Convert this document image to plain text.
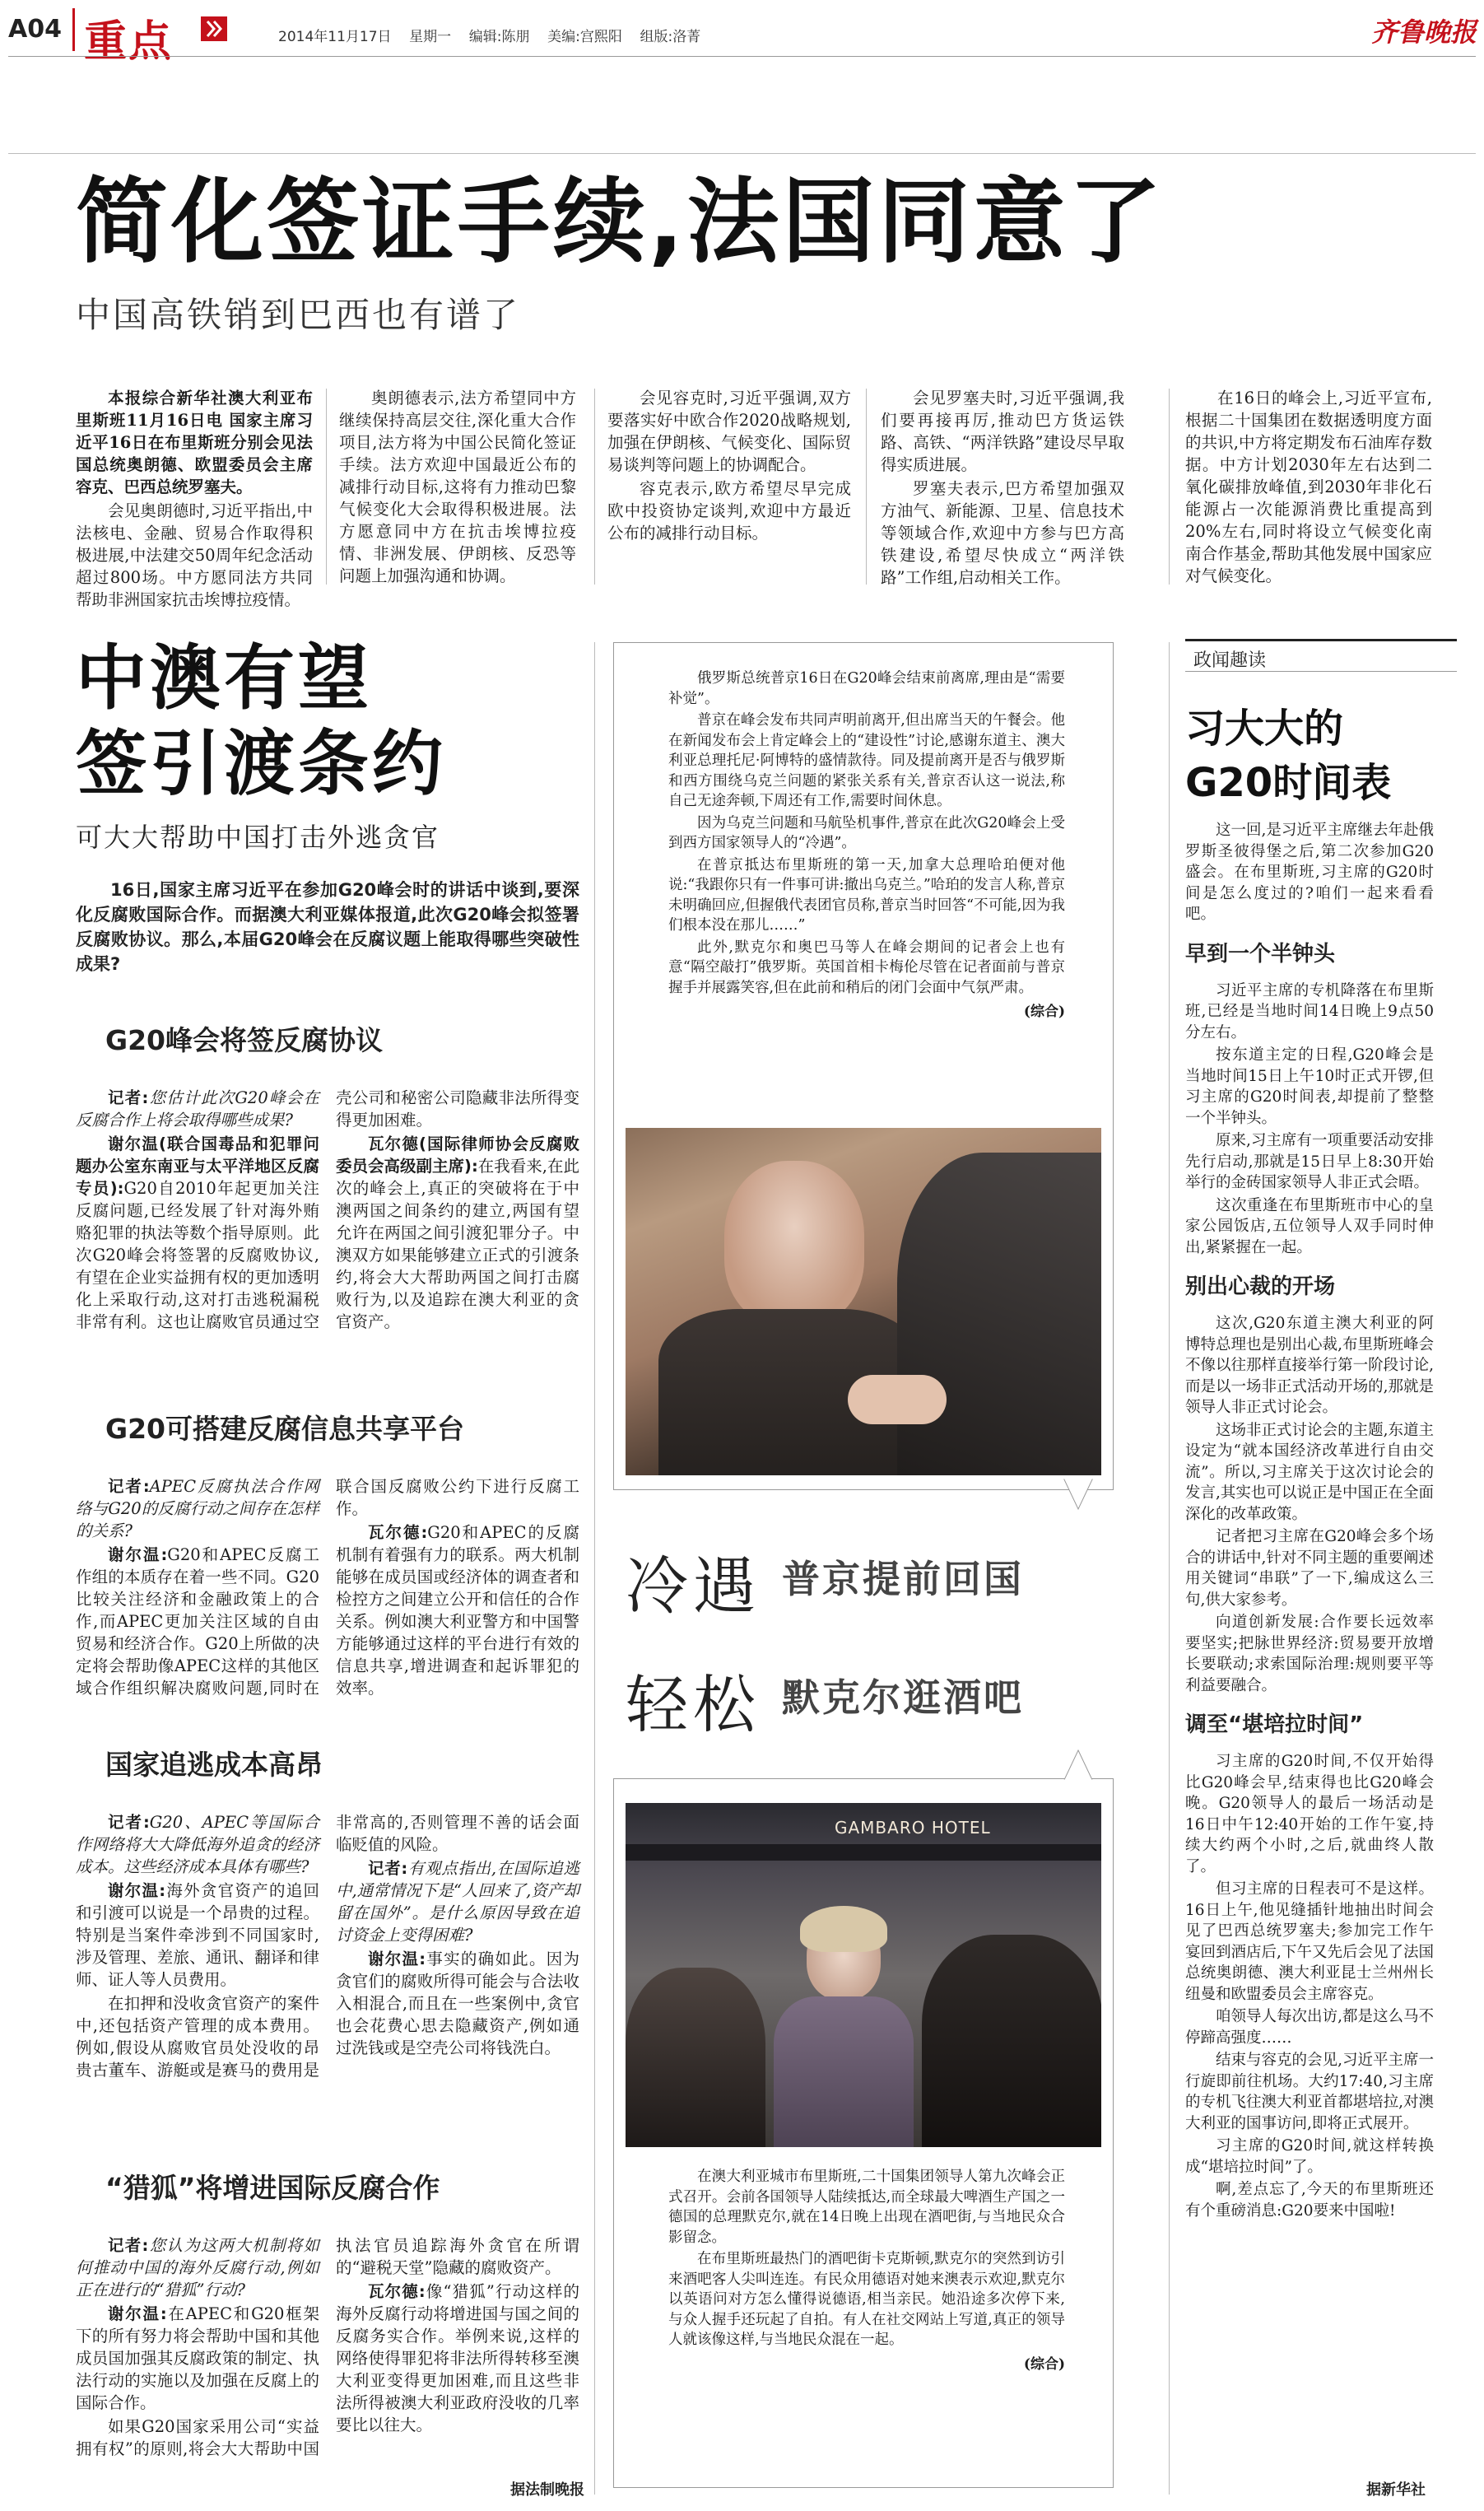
A04 重点	2014年11月17日 星期一 编辑:陈朋 美编:宫熙阳 组版:洛菁	齐鲁晚报
简化签证手续,法国同意了
中国高铁销到巴西也有谱了

本报综合新华社澳大利亚布里斯班11月16日电 国家主席习近平16日在布里斯班分别会见法国总统奥朗德、欧盟委员会主席容克、巴西总统罗塞夫。

会见奥朗德时,习近平指出,中法核电、金融、贸易合作取得积极进展,中法建交50周年纪念活动超过800场。中方愿同法方共同帮助非洲国家抗击埃博拉疫情。

奥朗德表示,法方希望同中方继续保持高层交往,深化重大合作项目,法方将为中国公民简化签证手续。法方欢迎中国最近公布的减排行动目标,这将有力推动巴黎气候变化大会取得积极进展。法方愿意同中方在抗击埃博拉疫情、非洲发展、伊朗核、反恐等问题上加强沟通和协调。

会见容克时,习近平强调,双方要落实好中欧合作2020战略规划,加强在伊朗核、气候变化、国际贸易谈判等问题上的协调配合。

容克表示,欧方希望尽早完成欧中投资协定谈判,欢迎中方最近公布的减排行动目标。

会见罗塞夫时,习近平强调,我们要再接再厉,推动巴方货运铁路、高铁、“两洋铁路”建设尽早取得实质进展。

罗塞夫表示,巴方希望加强双方油气、新能源、卫星、信息技术等领域合作,欢迎中方参与巴方高铁建设,希望尽快成立“两洋铁路”工作组,启动相关工作。

在16日的峰会上,习近平宣布,根据二十国集团在数据透明度方面的共识,中方将定期发布石油库存数据。中方计划2030年左右达到二氧化碳排放峰值,到2030年非化石能源占一次能源消费比重提高到20%左右,同时将设立气候变化南南合作基金,帮助其他发展中国家应对气候变化。

中澳有望
签引渡条约
可大大帮助中国打击外逃贪官
16日,国家主席习近平在参加G20峰会时的讲话中谈到,要深化反腐败国际合作。而据澳大利亚媒体报道,此次G20峰会拟签署反腐败协议。那么,本届G20峰会在反腐议题上能取得哪些突破性成果?
G20峰会将签反腐协议

记者:您估计此次G20峰会在反腐合作上将会取得哪些成果?

谢尔温(联合国毒品和犯罪问题办公室东南亚与太平洋地区反腐专员):G20自2010年起更加关注反腐问题,已经发展了针对海外贿赂犯罪的执法等数个指导原则。此次G20峰会将签署的反腐败协议,有望在企业实益拥有权的更加透明化上采取行动,这对打击逃税漏税非常有利。这也让腐败官员通过空壳公司和秘密公司隐藏非法所得变得更加困难。

瓦尔德(国际律师协会反腐败委员会高级副主席):在我看来,在此次的峰会上,真正的突破将在于中澳两国之间条约的建立,两国有望允许在两国之间引渡犯罪分子。中澳双方如果能够建立正式的引渡条约,将会大大帮助两国之间打击腐败行为,以及追踪在澳大利亚的贪官资产。

G20可搭建反腐信息共享平台

记者:APEC反腐执法合作网络与G20的反腐行动之间存在怎样的关系?

谢尔温:G20和APEC反腐工作组的本质存在着一些不同。G20比较关注经济和金融政策上的合作,而APEC更加关注区域的自由贸易和经济合作。G20上所做的决定将会帮助像APEC这样的其他区域合作组织解决腐败问题,同时在联合国反腐败公约下进行反腐工作。

瓦尔德:G20和APEC的反腐机制有着强有力的联系。两大机制能够在成员国或经济体的调查者和检控方之间建立公开和信任的合作关系。例如澳大利亚警方和中国警方能够通过这样的平台进行有效的信息共享,增进调查和起诉罪犯的效率。

国家追逃成本高昂

记者:G20、APEC等国际合作网络将大大降低海外追贪的经济成本。这些经济成本具体有哪些?

谢尔温:海外贪官资产的追回和引渡可以说是一个昂贵的过程。特别是当案件牵涉到不同国家时,涉及管理、差旅、通讯、翻译和律师、证人等人员费用。

在扣押和没收贪官资产的案件中,还包括资产管理的成本费用。例如,假设从腐败官员处没收的昂贵古董车、游艇或是赛马的费用是非常高的,否则管理不善的话会面临贬值的风险。

记者:有观点指出,在国际追逃中,通常情况下是“人回来了,资产却留在国外”。是什么原因导致在追讨资金上变得困难?

谢尔温:事实的确如此。因为贪官们的腐败所得可能会与合法收入相混合,而且在一些案例中,贪官也会花费心思去隐藏资产,例如通过洗钱或是空壳公司将钱洗白。

“猎狐”将增进国际反腐合作

记者:您认为这两大机制将如何推动中国的海外反腐行动,例如正在进行的“猎狐”行动?

谢尔温:在APEC和G20框架下的所有努力将会帮助中国和其他成员国加强其反腐政策的制定、执法行动的实施以及加强在反腐上的国际合作。

如果G20国家采用公司“实益拥有权”的原则,将会大大帮助中国执法官员追踪海外贪官在所谓的“避税天堂”隐藏的腐败资产。

瓦尔德:像“猎狐”行动这样的海外反腐行动将增进国与国之间的反腐务实合作。举例来说,这样的网络使得罪犯将非法所得转移至澳大利亚变得更加困难,而且这些非法所得被澳大利亚政府没收的几率要比以往大。

据法制晚报

俄罗斯总统普京16日在G20峰会结束前离席,理由是“需要补觉”。

普京在峰会发布共同声明前离开,但出席当天的午餐会。他在新闻发布会上肯定峰会上的“建设性”讨论,感谢东道主、澳大利亚总理托尼·阿博特的盛情款待。同及提前离开是否与俄罗斯和西方围绕乌克兰问题的紧张关系有关,普京否认这一说法,称自己无途奔顿,下周还有工作,需要时间休息。

因为乌克兰问题和马航坠机事件,普京在此次G20峰会上受到西方国家领导人的“冷遇”。

在普京抵达布里斯班的第一天,加拿大总理哈珀便对他说:“我跟你只有一件事可讲:撤出乌克兰。”哈珀的发言人称,普京未明确回应,但握俄代表团官员称,普京当时回答“不可能,因为我们根本没在那儿……”

此外,默克尔和奥巴马等人在峰会期间的记者会上也有意“隔空敲打”俄罗斯。英国首相卡梅伦尽管在记者面前与普京握手并展露笑容,但在此前和稍后的闭门会面中气氛严肃。

(综合)
冷遇 普京提前回国
轻松 默克尔逛酒吧
GAMBARO HOTEL

在澳大利亚城市布里斯班,二十国集团领导人第九次峰会正式召开。会前各国领导人陆续抵达,而全球最大啤酒生产国之一德国的总理默克尔,就在14日晚上出现在酒吧街,与当地民众合影留念。

在布里斯班最热门的酒吧街卡克斯顿,默克尔的突然到访引来酒吧客人尖叫连连。有民众用德语对她来澳表示欢迎,默克尔以英语问对方怎么懂得说德语,相当亲民。她沿途多次停下来,与众人握手还玩起了自拍。有人在社交网站上写道,真正的领导人就该像这样,与当地民众混在一起。

(综合)
政闻趣读
习大大的
G20时间表

这一回,是习近平主席继去年赴俄罗斯圣彼得堡之后,第二次参加G20盛会。在布里斯班,习主席的G20时间是怎么度过的?咱们一起来看看吧。

早到一个半钟头

习近平主席的专机降落在布里斯班,已经是当地时间14日晚上9点50分左右。

按东道主定的日程,G20峰会是当地时间15日上午10时正式开锣,但习主席的G20时间表,却提前了整整一个半钟头。

原来,习主席有一项重要活动安排先行启动,那就是15日早上8:30开始举行的金砖国家领导人非正式会晤。

这次重逢在布里斯班市中心的皇家公园饭店,五位领导人双手同时伸出,紧紧握在一起。

别出心裁的开场

这次,G20东道主澳大利亚的阿博特总理也是别出心裁,布里斯班峰会不像以往那样直接举行第一阶段讨论,而是以一场非正式活动开场的,那就是领导人非正式讨论会。

这场非正式讨论会的主题,东道主设定为“就本国经济改革进行自由交流”。所以,习主席关于这次讨论会的发言,其实也可以说正是中国正在全面深化的改革政策。

记者把习主席在G20峰会多个场合的讲话中,针对不同主题的重要阐述用关键词“串联”了一下,编成这么三句,供大家参考。

向道创新发展:合作要长远效率要坚实;把脉世界经济:贸易要开放增长要联动;求索国际治理:规则要平等利益要融合。

调至“堪培拉时间”

习主席的G20时间,不仅开始得比G20峰会早,结束得也比G20峰会晚。G20领导人的最后一场活动是16日中午12:40开始的工作午宴,持续大约两个小时,之后,就曲终人散了。

但习主席的日程表可不是这样。16日上午,他见缝插针地抽出时间会见了巴西总统罗塞夫;参加完工作午宴回到酒店后,下午又先后会见了法国总统奥朗德、澳大利亚昆士兰州州长纽曼和欧盟委员会主席容克。

咱领导人每次出访,都是这么马不停蹄高强度……

结束与容克的会见,习近平主席一行旋即前往机场。大约17:40,习主席的专机飞往澳大利亚首都堪培拉,对澳大利亚的国事访问,即将正式展开。

习主席的G20时间,就这样转换成“堪培拉时间”了。

啊,差点忘了,今天的布里斯班还有个重磅消息:G20要来中国啦!

据新华社
